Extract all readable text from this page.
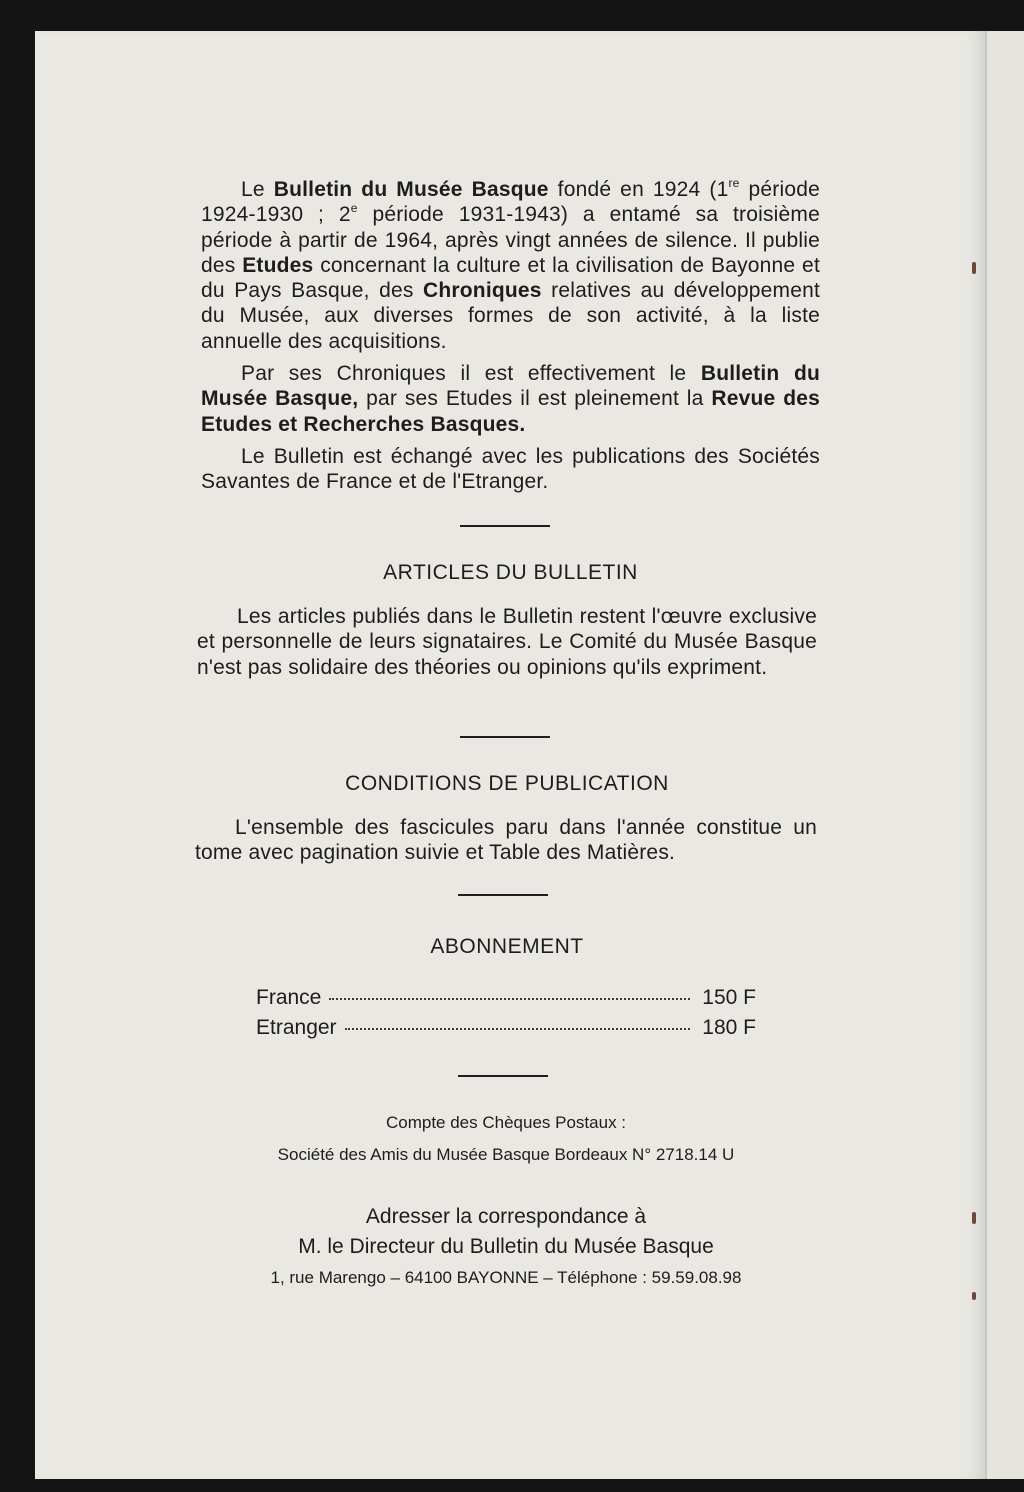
Le Bulletin du Musée Basque fondé en 1924 (1re période 1924-1930 ; 2e période 1931-1943) a entamé sa troisième période à partir de 1964, après vingt années de silence. Il publie des Etudes concernant la culture et la civilisation de Bayonne et du Pays Basque, des Chroniques relatives au développement du Musée, aux diverses formes de son activité, à la liste annuelle des acquisitions.

Par ses Chroniques il est effectivement le Bulletin du Musée Basque, par ses Etudes il est pleinement la Revue des Etudes et Recherches Basques.

Le Bulletin est échangé avec les publications des Sociétés Savantes de France et de l'Etranger.

ARTICLES DU BULLETIN
Les articles publiés dans le Bulletin restent l'œuvre exclusive et personnelle de leurs signataires. Le Comité du Musée Basque n'est pas solidaire des théories ou opinions qu'ils expriment.
CONDITIONS DE PUBLICATION
L'ensemble des fascicules paru dans l'année constitue un tome avec pagination suivie et Table des Matières.
ABONNEMENT
France	150 F
Etranger	180 F
Compte des Chèques Postaux :
Société des Amis du Musée Basque Bordeaux N° 2718.14 U
Adresser la correspondance à
M. le Directeur du Bulletin du Musée Basque
1, rue Marengo – 64100 BAYONNE – Téléphone : 59.59.08.98
